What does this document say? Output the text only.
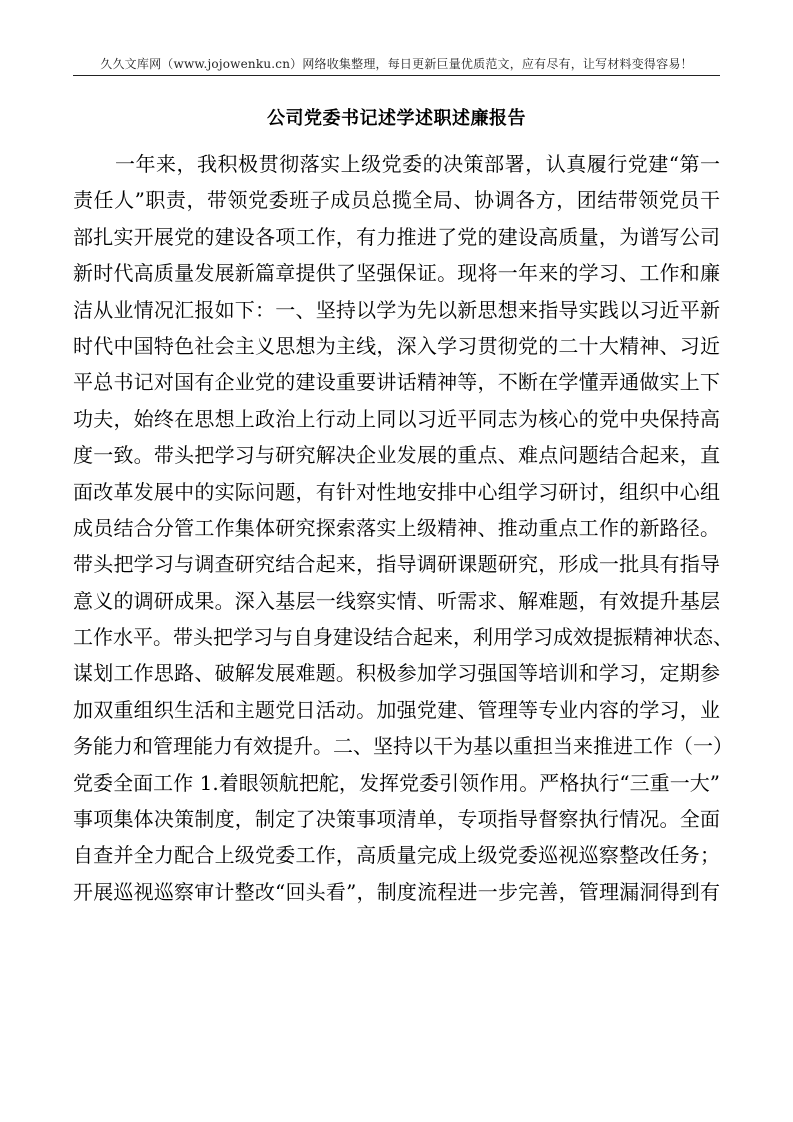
久久文库网（www.jojowenku.cn）网络收集整理，每日更新巨量优质范文，应有尽有，让写材料变得容易！
公司党委书记述学述职述廉报告
一年来，我积极贯彻落实上级党委的决策部署，认真履行党建“第一
责任人”职责，带领党委班子成员总揽全局、协调各方，团结带领党员干
部扎实开展党的建设各项工作，有力推进了党的建设高质量，为谱写公司
新时代高质量发展新篇章提供了坚强保证。现将一年来的学习、工作和廉
洁从业情况汇报如下：一、坚持以学为先以新思想来指导实践以习近平新
时代中国特色社会主义思想为主线，深入学习贯彻党的二十大精神、习近
平总书记对国有企业党的建设重要讲话精神等，不断在学懂弄通做实上下
功夫，始终在思想上政治上行动上同以习近平同志为核心的党中央保持高
度一致。带头把学习与研究解决企业发展的重点、难点问题结合起来，直
面改革发展中的实际问题，有针对性地安排中心组学习研讨，组织中心组
成员结合分管工作集体研究探索落实上级精神、推动重点工作的新路径。
带头把学习与调查研究结合起来，指导调研课题研究，形成一批具有指导
意义的调研成果。深入基层一线察实情、听需求、解难题，有效提升基层
工作水平。带头把学习与自身建设结合起来，利用学习成效提振精神状态、
谋划工作思路、破解发展难题。积极参加学习强国等培训和学习，定期参
加双重组织生活和主题党日活动。加强党建、管理等专业内容的学习，业
务能力和管理能力有效提升。二、坚持以干为基以重担当来推进工作（一）
党委全面工作 1.着眼领航把舵，发挥党委引领作用。严格执行“三重一大”
事项集体决策制度，制定了决策事项清单，专项指导督察执行情况。全面
自查并全力配合上级党委工作，高质量完成上级党委巡视巡察整改任务；
开展巡视巡察审计整改“回头看”，制度流程进一步完善，管理漏洞得到有
